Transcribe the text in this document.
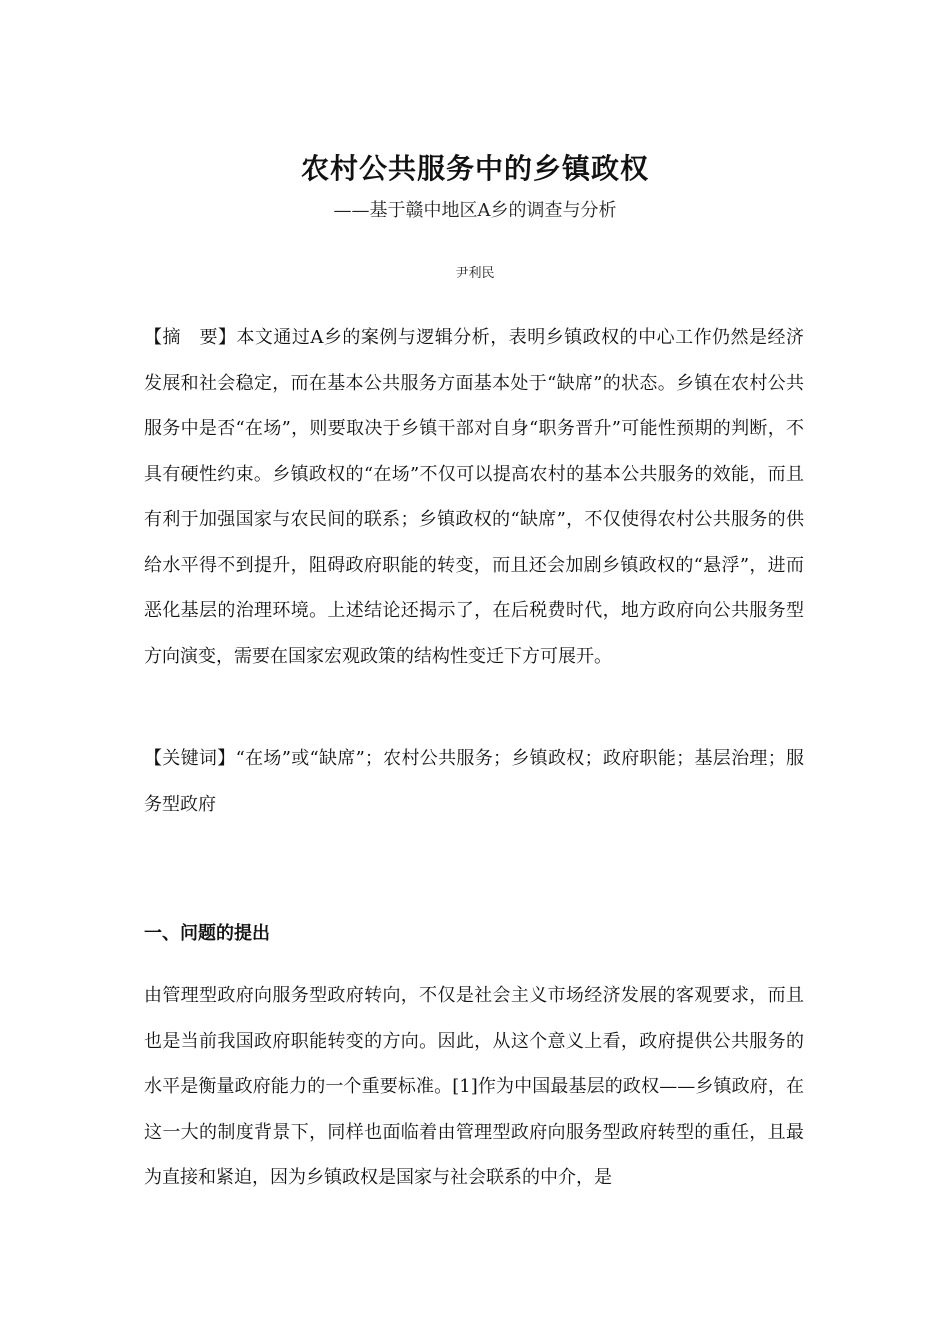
农村公共服务中的乡镇政权
——基于赣中地区A乡的调查与分析
尹利民

【摘　要】本文通过A乡的案例与逻辑分析，表明乡镇政权的中心工作仍然是经济发展和社会稳定，而在基本公共服务方面基本处于“缺席”的状态。乡镇在农村公共服务中是否“在场”，则要取决于乡镇干部对自身“职务晋升”可能性预期的判断，不具有硬性约束。乡镇政权的“在场”不仅可以提高农村的基本公共服务的效能，而且有利于加强国家与农民间的联系；乡镇政权的“缺席”，不仅使得农村公共服务的供给水平得不到提升，阻碍政府职能的转变，而且还会加剧乡镇政权的“悬浮”，进而恶化基层的治理环境。上述结论还揭示了，在后税费时代，地方政府向公共服务型方向演变，需要在国家宏观政策的结构性变迁下方可展开。

【关键词】“在场”或“缺席”；农村公共服务；乡镇政权；政府职能；基层治理；服务型政府

一、问题的提出

由管理型政府向服务型政府转向，不仅是社会主义市场经济发展的客观要求，而且也是当前我国政府职能转变的方向。因此，从这个意义上看，政府提供公共服务的水平是衡量政府能力的一个重要标准。[1]作为中国最基层的政权——乡镇政府，在这一大的制度背景下，同样也面临着由管理型政府向服务型政府转型的重任，且最为直接和紧迫，因为乡镇政权是国家与社会联系的中介，是
